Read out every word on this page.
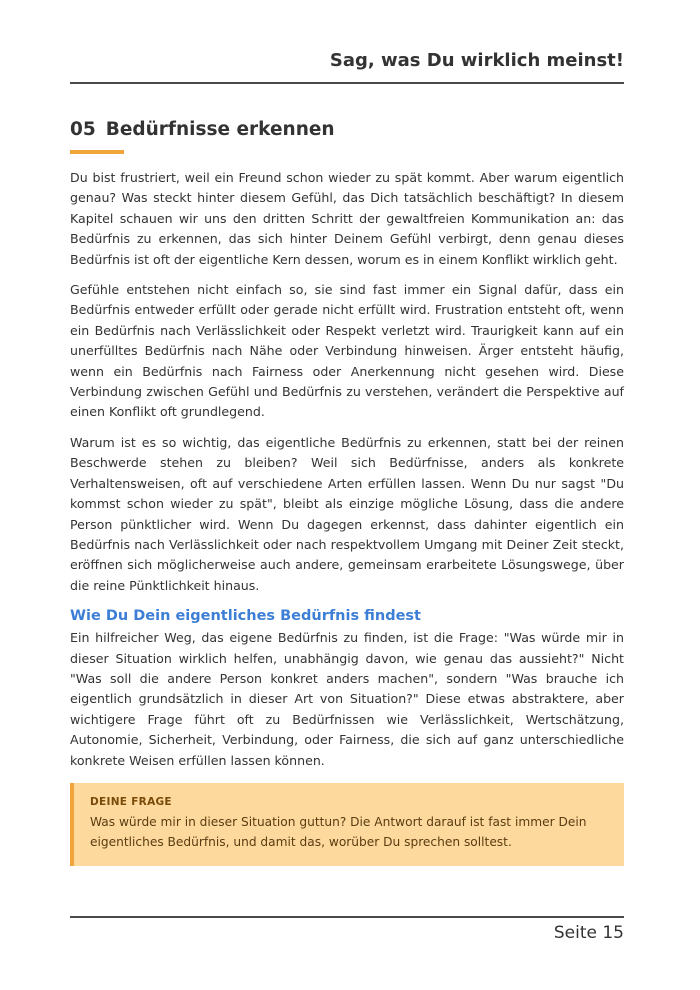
Sag, was Du wirklich meinst!
05 Bedürfnisse erkennen

Du bist frustriert, weil ein Freund schon wieder zu spät kommt. Aber warum eigentlich genau? Was steckt hinter diesem Gefühl, das Dich tatsächlich beschäftigt? In diesem Kapitel schauen wir uns den dritten Schritt der gewaltfreien Kommunikation an: das Bedürfnis zu erkennen, das sich hinter Deinem Gefühl verbirgt, denn genau dieses Bedürfnis ist oft der eigentliche Kern dessen, worum es in einem Konflikt wirklich geht.

Gefühle entstehen nicht einfach so, sie sind fast immer ein Signal dafür, dass ein Bedürfnis entweder erfüllt oder gerade nicht erfüllt wird. Frustration entsteht oft, wenn ein Bedürfnis nach Verlässlichkeit oder Respekt verletzt wird. Traurigkeit kann auf ein unerfülltes Bedürfnis nach Nähe oder Verbindung hinweisen. Ärger entsteht häufig, wenn ein Bedürfnis nach Fairness oder Anerkennung nicht gesehen wird. Diese Verbindung zwischen Gefühl und Bedürfnis zu verstehen, verändert die Perspektive auf einen Konflikt oft grundlegend.

Warum ist es so wichtig, das eigentliche Bedürfnis zu erkennen, statt bei der reinen Beschwerde stehen zu bleiben? Weil sich Bedürfnisse, anders als konkrete Verhaltensweisen, oft auf verschiedene Arten erfüllen lassen. Wenn Du nur sagst "Du kommst schon wieder zu spät", bleibt als einzige mögliche Lösung, dass die andere Person pünktlicher wird. Wenn Du dagegen erkennst, dass dahinter eigentlich ein Bedürfnis nach Verlässlichkeit oder nach respektvollem Umgang mit Deiner Zeit steckt, eröffnen sich möglicherweise auch andere, gemeinsam erarbeitete Lösungswege, über die reine Pünktlichkeit hinaus.

Wie Du Dein eigentliches Bedürfnis findest

Ein hilfreicher Weg, das eigene Bedürfnis zu finden, ist die Frage: "Was würde mir in dieser Situation wirklich helfen, unabhängig davon, wie genau das aussieht?" Nicht "Was soll die andere Person konkret anders machen", sondern "Was brauche ich eigentlich grundsätzlich in dieser Art von Situation?" Diese etwas abstraktere, aber wichtigere Frage führt oft zu Bedürfnissen wie Verlässlichkeit, Wertschätzung, Autonomie, Sicherheit, Verbindung, oder Fairness, die sich auf ganz unterschiedliche konkrete Weisen erfüllen lassen können.

DEINE FRAGE
Was würde mir in dieser Situation guttun? Die Antwort darauf ist fast immer Dein eigentliches Bedürfnis, und damit das, worüber Du sprechen solltest.
Seite 15
